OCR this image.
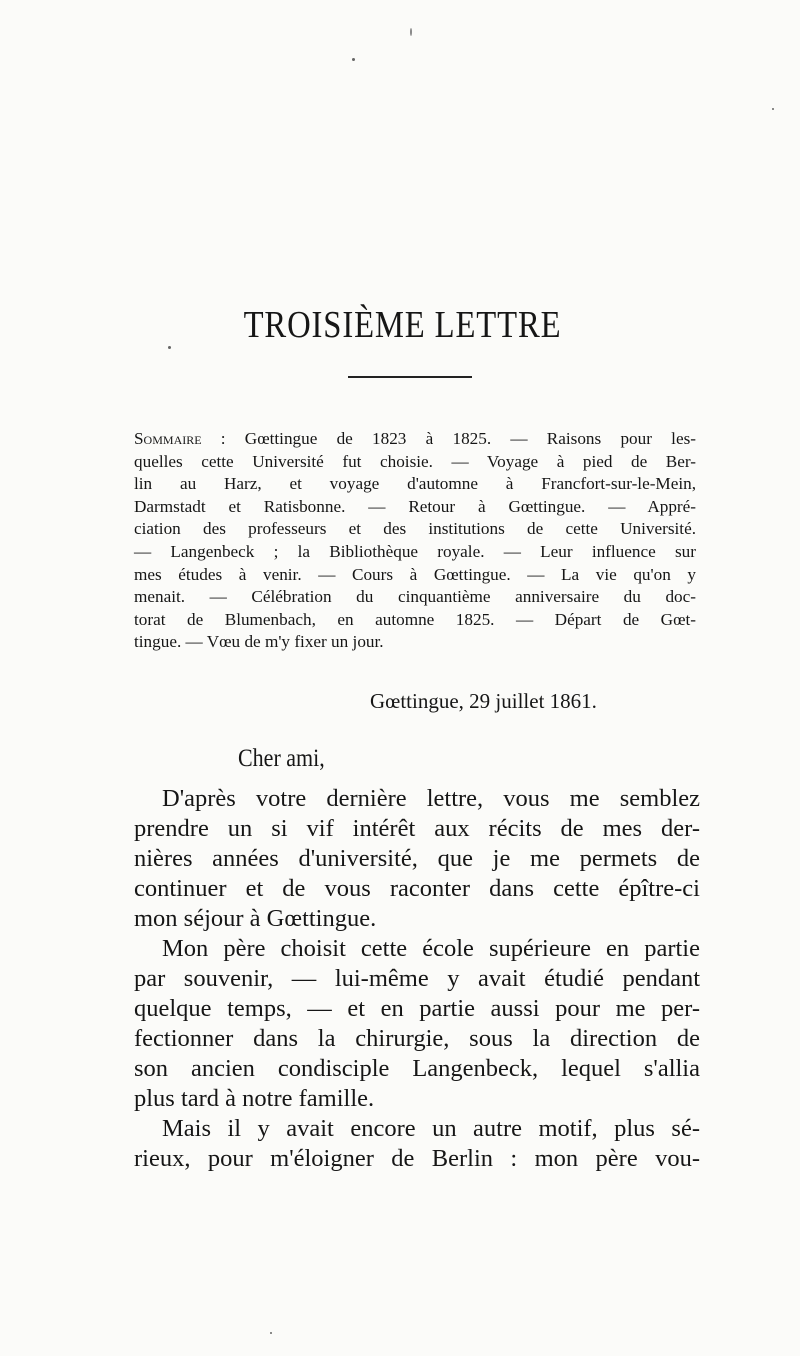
TROISIÈME LETTRE
Sommaire : Gœttingue de 1823 à 1825. — Raisons pour les-
quelles cette Université fut choisie. — Voyage à pied de Ber-
lin au Harz, et voyage d'automne à Francfort-sur-le-Mein,
Darmstadt et Ratisbonne. — Retour à Gœttingue. — Appré-
ciation des professeurs et des institutions de cette Université.
— Langenbeck ; la Bibliothèque royale. — Leur influence sur
mes études à venir. — Cours à Gœttingue. — La vie qu'on y
menait. — Célébration du cinquantième anniversaire du doc-
torat de Blumenbach, en automne 1825. — Départ de Gœt-
tingue. — Vœu de m'y fixer un jour.
Gœttingue, 29 juillet 1861.
Cher ami,
D'après votre dernière lettre, vous me semblez
prendre un si vif intérêt aux récits de mes der-
nières années d'université, que je me permets de
continuer et de vous raconter dans cette épître-ci
mon séjour à Gœttingue.
Mon père choisit cette école supérieure en partie
par souvenir, — lui-même y avait étudié pendant
quelque temps, — et en partie aussi pour me per-
fectionner dans la chirurgie, sous la direction de
son ancien condisciple Langenbeck, lequel s'allia
plus tard à notre famille.
Mais il y avait encore un autre motif, plus sé-
rieux, pour m'éloigner de Berlin : mon père vou-
